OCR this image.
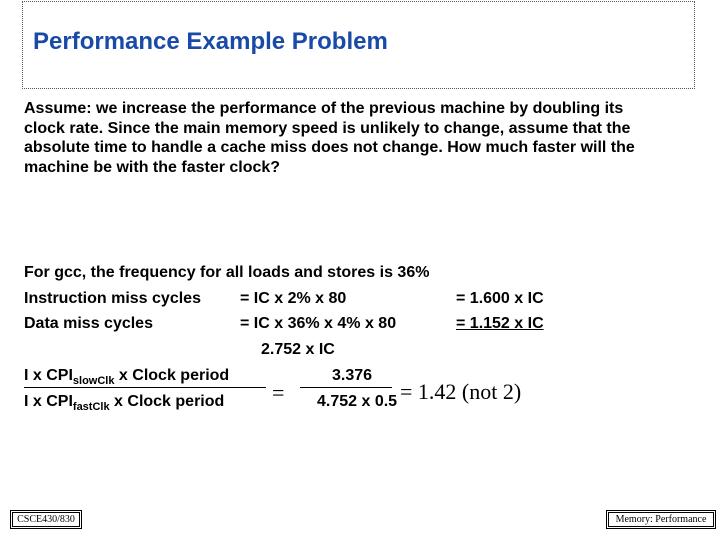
Performance Example Problem
Assume: we increase the performance of the previous machine by doubling its clock rate. Since the main memory speed is unlikely to change, assume that the absolute time to handle a cache miss does not change. How much faster will the machine be with the faster clock?
For gcc, the frequency for all loads and stores is 36%
Instruction miss cycles = IC x 2% x 80	= 1.600 x IC
Data miss cycles	= IC x 36% x 4% x 80	= 1.152 x IC
2.752 x IC
I x $CPI_{slowClk}$ x Clock period
I x $CPI_{fastClk}$ x Clock period =
3.376
4.752 x 0.5 = 1.42 (not 2)
CSCE430/830	Memory: Performance
